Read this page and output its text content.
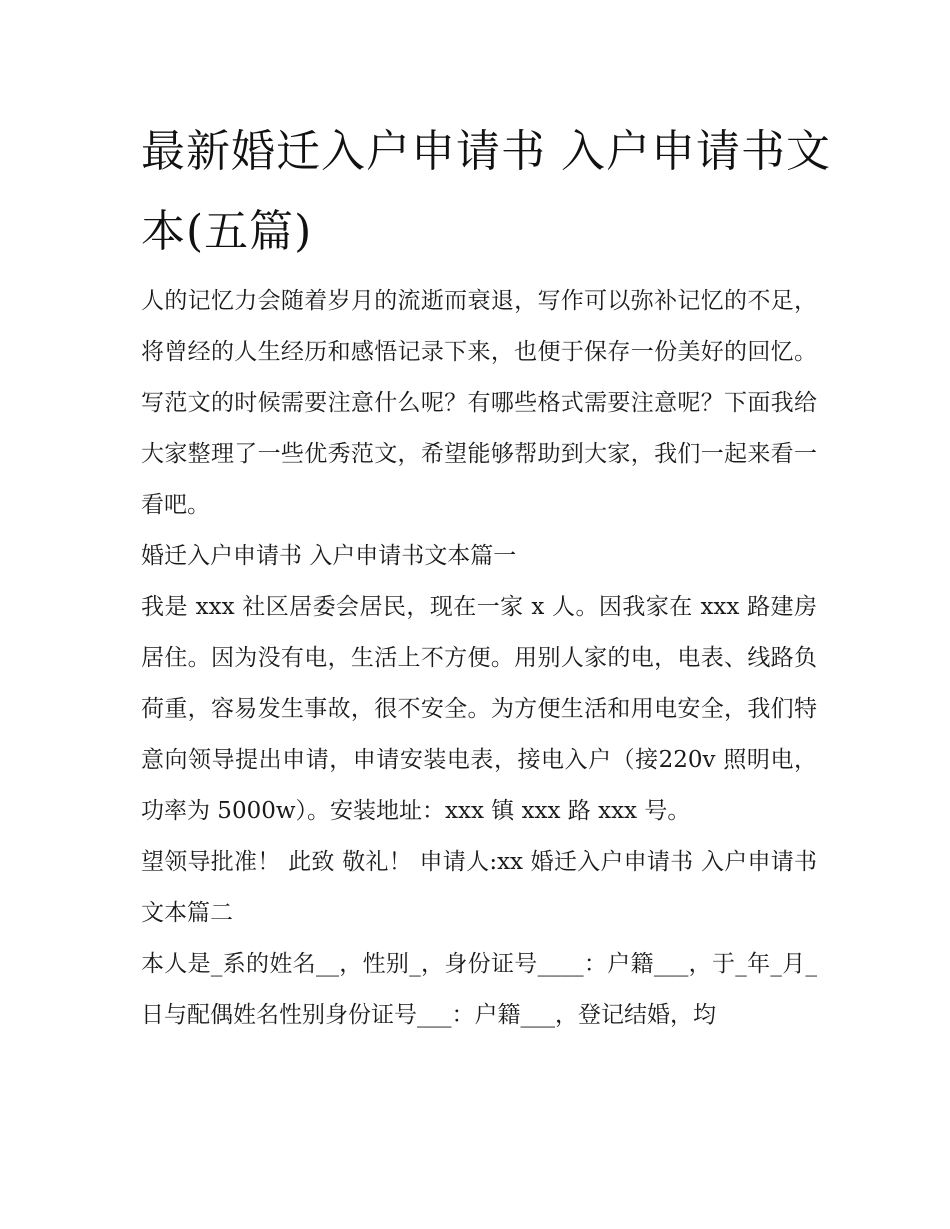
最新婚迁入户申请书 入户申请书文本(五篇)

人的记忆力会随着岁月的流逝而衰退，写作可以弥补记忆的不足，将曾经的人生经历和感悟记录下来，也便于保存一份美好的回忆。写范文的时候需要注意什么呢？有哪些格式需要注意呢？下面我给大家整理了一些优秀范文，希望能够帮助到大家，我们一起来看一看吧。

婚迁入户申请书 入户申请书文本篇一

我是 xxx 社区居委会居民，现在一家 x 人。因我家在 xxx 路建房居住。因为没有电，生活上不方便。用别人家的电，电表、线路负荷重，容易发生事故，很不安全。为方便生活和用电安全，我们特意向领导提出申请，申请安装电表，接电入户（接220v 照明电，功率为 5000w）。安装地址：xxx 镇 xxx 路 xxx 号。

望领导批准！ 此致 敬礼！ 申请人:xx 婚迁入户申请书 入户申请书文本篇二

本人是_系的姓名__，性别_，身份证号____：户籍___，于_年_月_日与配偶姓名性别身份证号___：户籍___，登记结婚，均
